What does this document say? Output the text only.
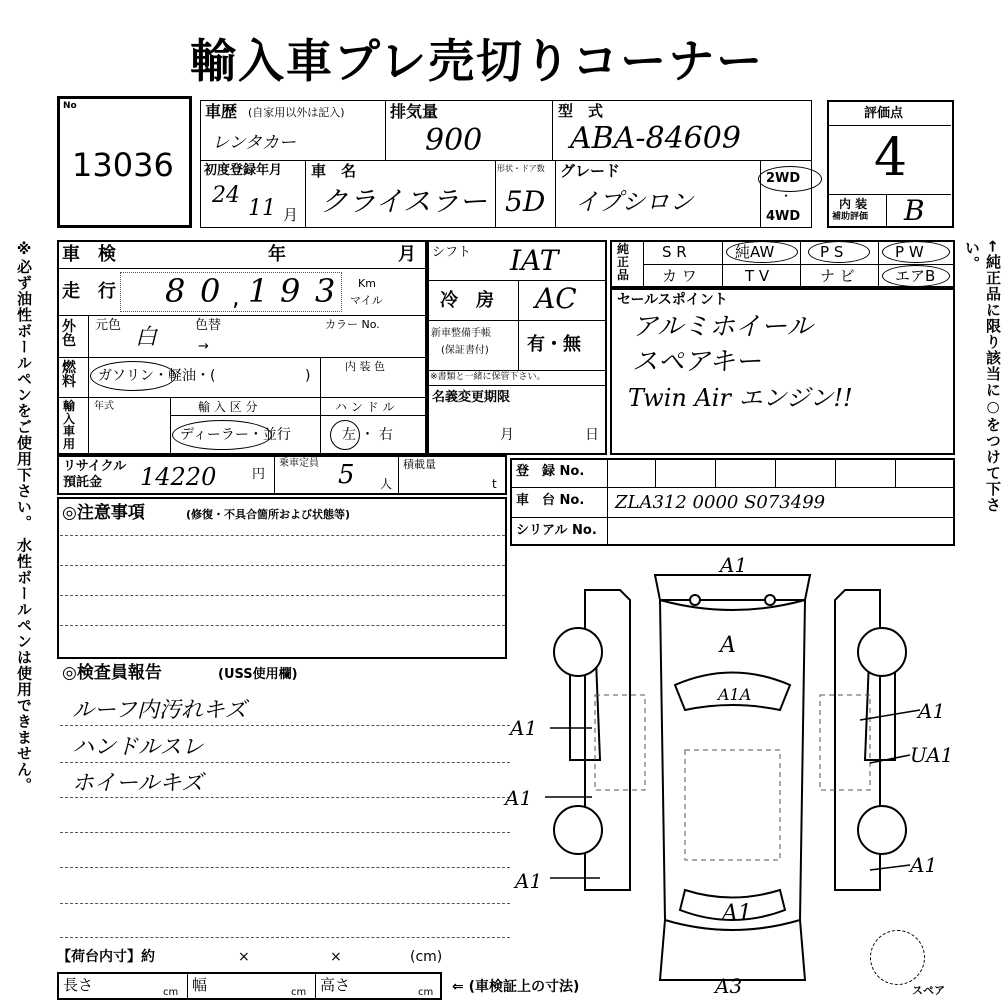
輸入車プレ売切りコーナー
※必ず油性ボールペンをご使用下さい。 水性ボールペンは使用できません。	←純正品に限り該当に○をつけて下さい。
No
13036
車歴 (自家用以外は記入)
レンタカー
排気量
900
型　式
ABA-84609
初度登録年月
24
11 月
車　名
クライスラー
形状・ドア数
5D
グレード
イプシロン
2WD
・
4WD
評価点
4
内 装
補助評価 B
車　検	年	月
走　行 8 0 , 1 9 3 Km
マイル
外色
元色 白	色替
→
カラー No.
燃料 ガソリン・軽油・(	)
内 装 色
輸入車用
年式	輸 入 区 分
ディーラー・並行
ハ ン ド ル
左 ・ 右
シフト IAT
冷　房 AC
新車整備手帳
(保証書付) 有・無
※書類と一緒に保管下さい。
名義変更期限
月	日
純正品
S R	純AW	P S	P W
カ ワ	T V	ナ ビ	エアB
セールスポイント
アルミホイール
スペアキー
Twin Air エンジン!!
リサイクル
預託金 14220	円
乗車定員 5 人
積載量
t
登　録 No.
車　台 No. ZLA312 0000 S073499
シリアル No.
◎注意事項	(修復・不具合箇所および状態等)
◎検査員報告	(USS使用欄)
ルーフ内汚れキズ
ハンドルスレ
ホイールキズ
【荷台内寸】約	×	×	(cm)
長さ	cm 幅	cm 高さ	cm ⇐ (車検証上の寸法)
A1
A
A1A
A1
A1
A1
A1
UA1
A1
A1
A3	スペア
